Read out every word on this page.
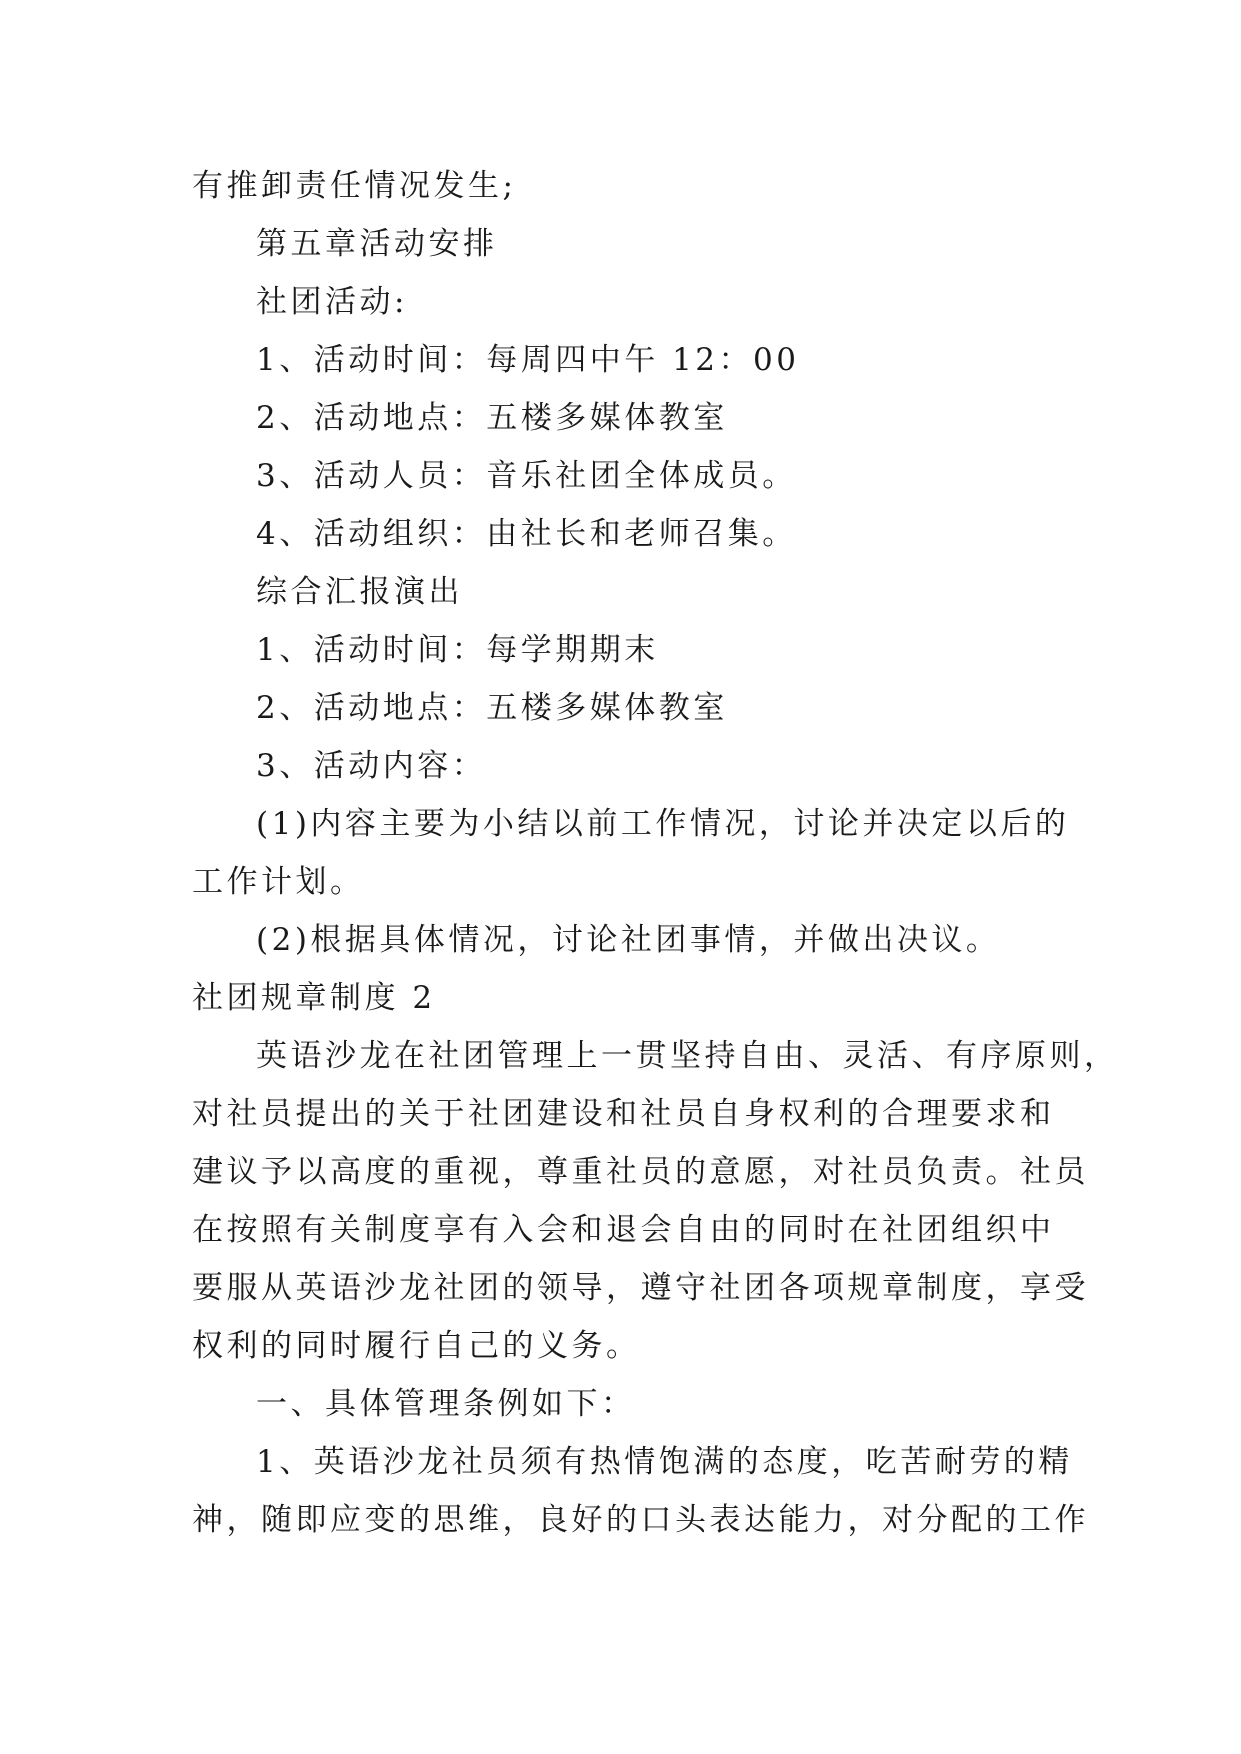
有推卸责任情况发生;
第五章活动安排
社团活动:
1、活动时间：每周四中午 12：00
2、活动地点：五楼多媒体教室
3、活动人员：音乐社团全体成员。
4、活动组织：由社长和老师召集。
综合汇报演出
1、活动时间：每学期期末
2、活动地点：五楼多媒体教室
3、活动内容：
(1)内容主要为小结以前工作情况，讨论并决定以后的
工作计划。
(2)根据具体情况，讨论社团事情，并做出决议。
社团规章制度 2
英语沙龙在社团管理上一贯坚持自由、灵活、有序原则，
对社员提出的关于社团建设和社员自身权利的合理要求和
建议予以高度的重视，尊重社员的意愿，对社员负责。社员
在按照有关制度享有入会和退会自由的同时在社团组织中
要服从英语沙龙社团的领导，遵守社团各项规章制度，享受
权利的同时履行自己的义务。
一、具体管理条例如下：
1、英语沙龙社员须有热情饱满的态度，吃苦耐劳的精
神，随即应变的思维，良好的口头表达能力，对分配的工作
